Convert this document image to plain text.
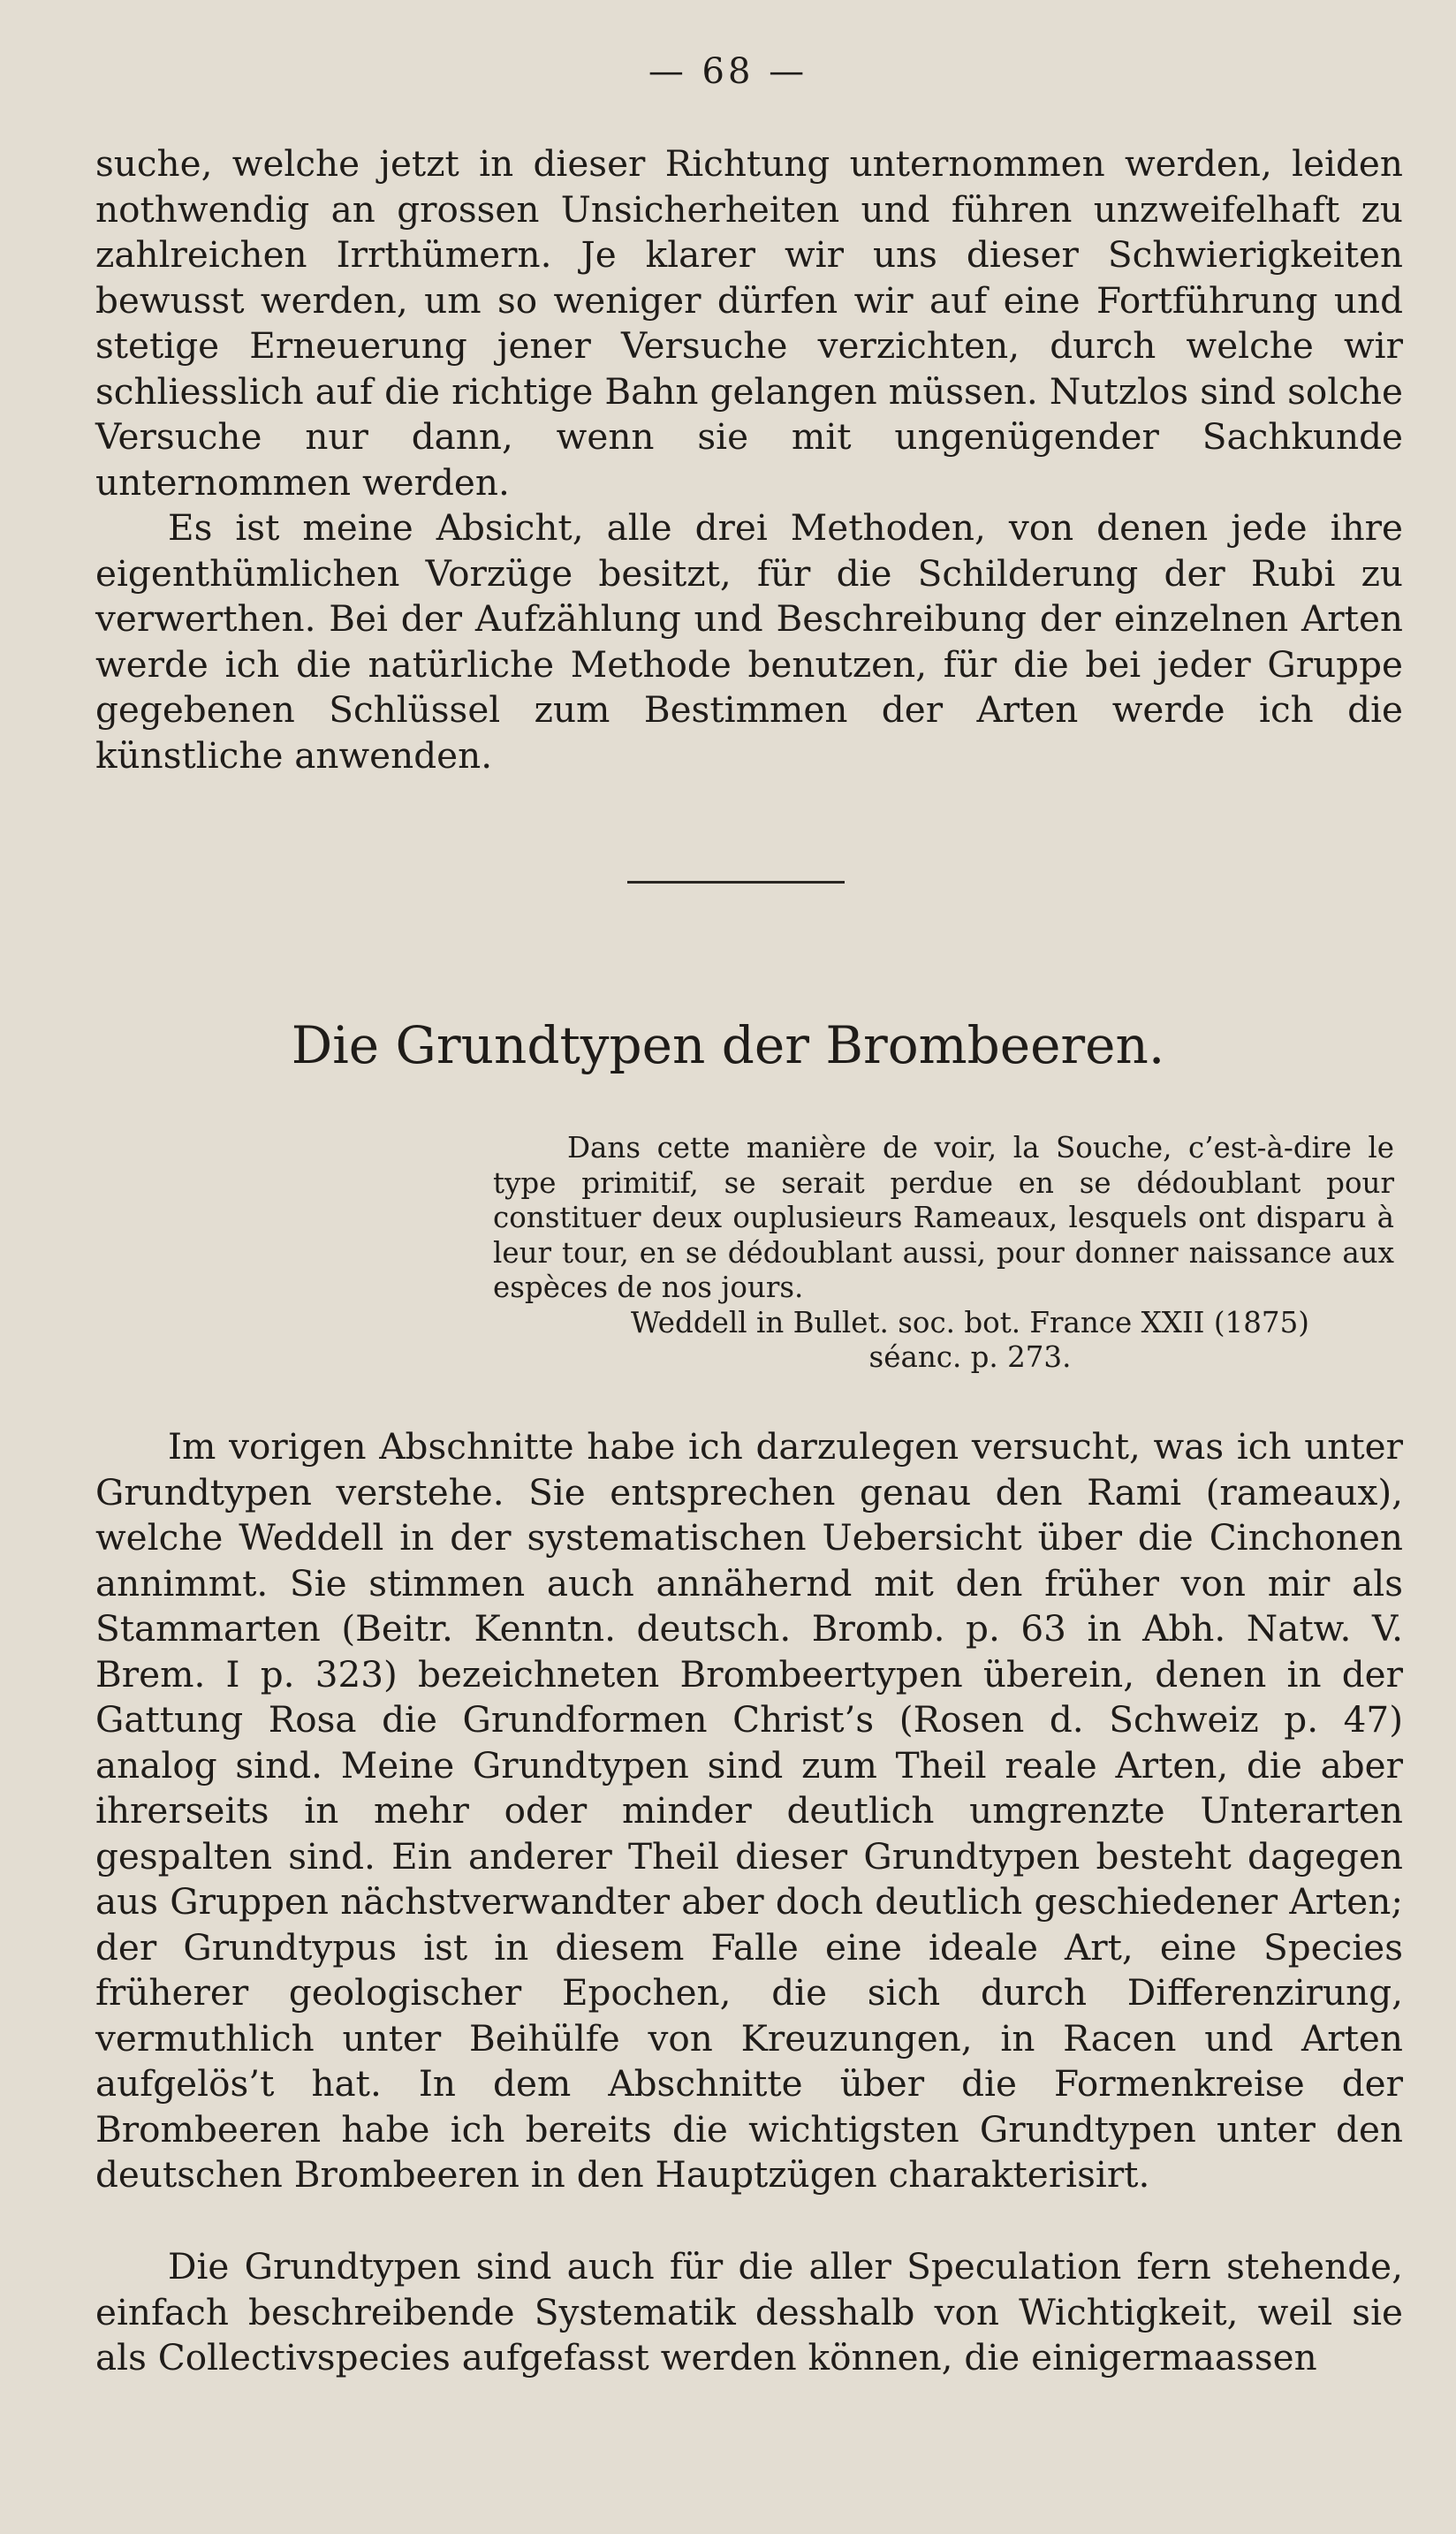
— 68 —

suche, welche jetzt in dieser Richtung unternommen werden, leiden nothwendig an grossen Unsicherheiten und führen unzweifelhaft zu zahlreichen Irrthümern. Je klarer wir uns dieser Schwierigkeiten bewusst werden, um so weniger dürfen wir auf eine Fortführung und stetige Erneuerung jener Versuche verzichten, durch welche wir schliesslich auf die richtige Bahn gelangen müssen. Nutzlos sind solche Versuche nur dann, wenn sie mit ungenügender Sachkunde unternommen werden.

Es ist meine Absicht, alle drei Methoden, von denen jede ihre eigenthümlichen Vorzüge besitzt, für die Schilderung der Rubi zu verwerthen. Bei der Aufzählung und Beschreibung der einzelnen Arten werde ich die natürliche Methode benutzen, für die bei jeder Gruppe gegebenen Schlüssel zum Bestimmen der Arten werde ich die künstliche anwenden.

Die Grundtypen der Brombeeren.

Dans cette manière de voir, la Souche, c’est-à-dire le type primitif, se serait perdue en se dédoublant pour constituer deux ouplusieurs Rameaux, lesquels ont disparu à leur tour, en se dédoublant aussi, pour donner naissance aux espèces de nos jours.

Weddell in Bullet. soc. bot. France XXII (1875)

séanc. p. 273.

Im vorigen Abschnitte habe ich darzulegen versucht, was ich unter Grundtypen verstehe. Sie entsprechen genau den Rami (rameaux), welche Weddell in der systematischen Uebersicht über die Cinchonen annimmt. Sie stimmen auch annähernd mit den früher von mir als Stammarten (Beitr. Kenntn. deutsch. Bromb. p. 63 in Abh. Natw. V. Brem. I p. 323) bezeichneten Brombeertypen überein, denen in der Gattung Rosa die Grundformen Christ’s (Rosen d. Schweiz p. 47) analog sind. Meine Grundtypen sind zum Theil reale Arten, die aber ihrerseits in mehr oder minder deutlich umgrenzte Unterarten gespalten sind. Ein anderer Theil dieser Grundtypen besteht dagegen aus Gruppen nächstverwandter aber doch deutlich geschiedener Arten; der Grundtypus ist in diesem Falle eine ideale Art, eine Species früherer geologischer Epochen, die sich durch Differenzirung, vermuthlich unter Beihülfe von Kreuzungen, in Racen und Arten aufgelös’t hat. In dem Abschnitte über die Formenkreise der Brombeeren habe ich bereits die wichtigsten Grundtypen unter den deutschen Brombeeren in den Hauptzügen charakterisirt.

Die Grundtypen sind auch für die aller Speculation fern stehende, einfach beschreibende Systematik desshalb von Wichtigkeit, weil sie als Collectivspecies aufgefasst werden können, die einigermaassen
